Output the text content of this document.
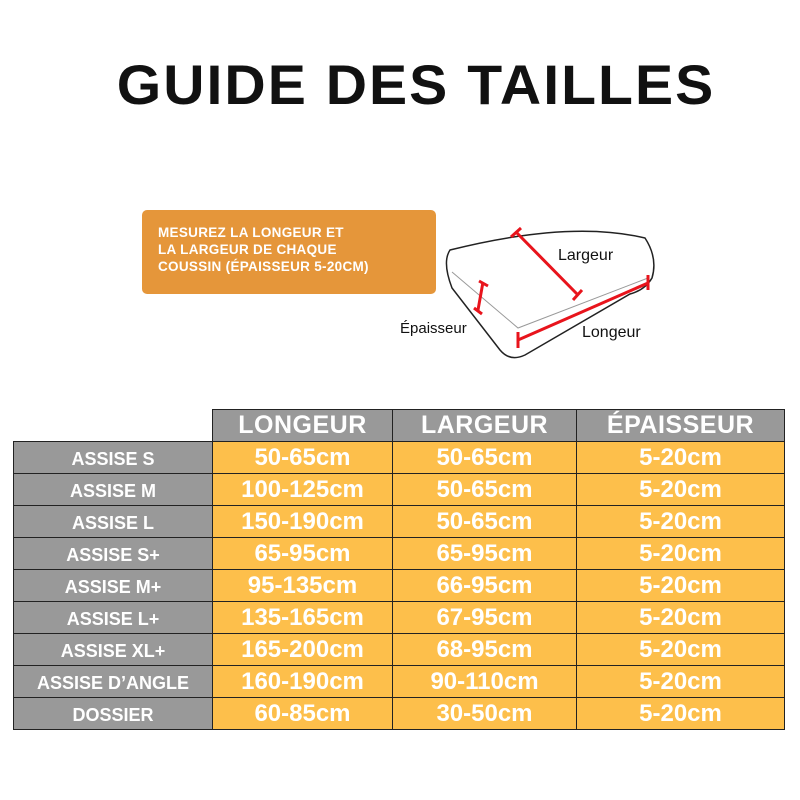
GUIDE DES TAILLES
MESUREZ LA LONGEUR ET
LA LARGEUR DE CHAQUE
COUSSIN (ÉPAISSEUR 5-20CM)
Largeur
Épaisseur	Longeur
	LONGEUR	LARGEUR	ÉPAISSEUR
ASSISE S	50-65cm	50-65cm	5-20cm
ASSISE M	100-125cm	50-65cm	5-20cm
ASSISE L	150-190cm	50-65cm	5-20cm
ASSISE S+	65-95cm	65-95cm	5-20cm
ASSISE M+	95-135cm	66-95cm	5-20cm
ASSISE L+	135-165cm	67-95cm	5-20cm
ASSISE XL+	165-200cm	68-95cm	5-20cm
ASSISE D’ANGLE	160-190cm	90-110cm	5-20cm
DOSSIER	60-85cm	30-50cm	5-20cm
